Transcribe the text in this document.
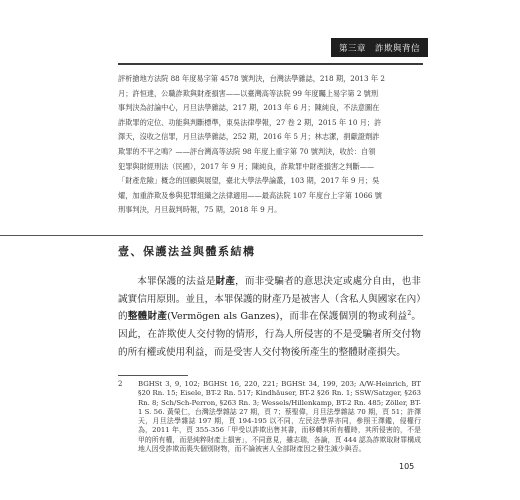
第三章　詐欺與背信

評析搶地方法院 88 年度易字第 4578 號判決，台灣法學雜誌，218 期，2013 年 2

月；許恒達，公職詐欺與財產損害——以臺灣高等法院 99 年度矚上易字第 2 號刑

事判決為討論中心，月旦法學雜誌，217 期，2013 年 6 月；陳純良，不法意圖在

詐欺罪的定位、功能與判斷標準，東吳法律學報，27 卷 2 期，2015 年 10 月；許

澤天，沒收之信罪，月旦法學雜誌，252 期，2016 年 5 月；林志潔，捐獻證劑詐

欺罪的不平之鳴？——評台灣高等法院 98 年度上重字第 70 號判決，收於：自領

犯罪與財經刑法（民國），2017 年 9 月；陳純良，詐欺罪中財產損害之判斷——

「財產危險」概念的回顧與展望，臺北大學法學論叢，103 期，2017 年 9 月；吳

燿，加重詐欺及參與犯罪組織之法律適用——最高法院 107 年度台上字第 1066 號

刑事判決，月旦裁判時報，75 期，2018 年 9 月。

壹、保護法益與體系結構

本罪保護的法益是財產，而非受騙者的意思決定或處分自由，也非誠實信用原則。並且，本罪保護的財產乃是被害人（含私人與國家在內）的整體財產(Vermögen als Ganzes)，而非在保護個別的物或利益$^2$。因此，在詐欺使人交付物的情形，行為人所侵害的不是受騙者所交付物的所有權或使用利益，而是受害人交付物後所產生的整體財產損失。

2 BGHSt 3, 9, 102; BGHSt 16, 220, 221; BGHSt 34, 199, 203; A/W-Heinrich, BT §20 Rn. 15; Eisele, BT-2 Rn. 517; Kindhäuser, BT-2 §26 Rn. 1; SSW/Satzger, §263 Rn. 8; Sch/Sch-Perron, §263 Rn. 3; Wessels/Hillenkamp, BT-2 Rn. 485; Zöller, BT-1 S. 56. 黃榮仁，台灣法學雜誌 27 期，頁 7；蔡聖偉，月旦法學雜誌 70 期，頁 51；許澤天，月旦法學雜誌 197 期，頁 194-195 以不同，左民法學界亦同，參照王澤鑑，侵權行為，2011 年，頁 355-356「甲受以詐欺出售其書，而移轉其所有權時，其所侵害的，不是甲的所有權，而是純粹財產上損害」，不同意見，雖志瑞，各論，頁 444 認為詐欺取財罪構成地人因受詐欺而喪失個別財物，而不論被害人全部財產因之發生減少與否。

105
